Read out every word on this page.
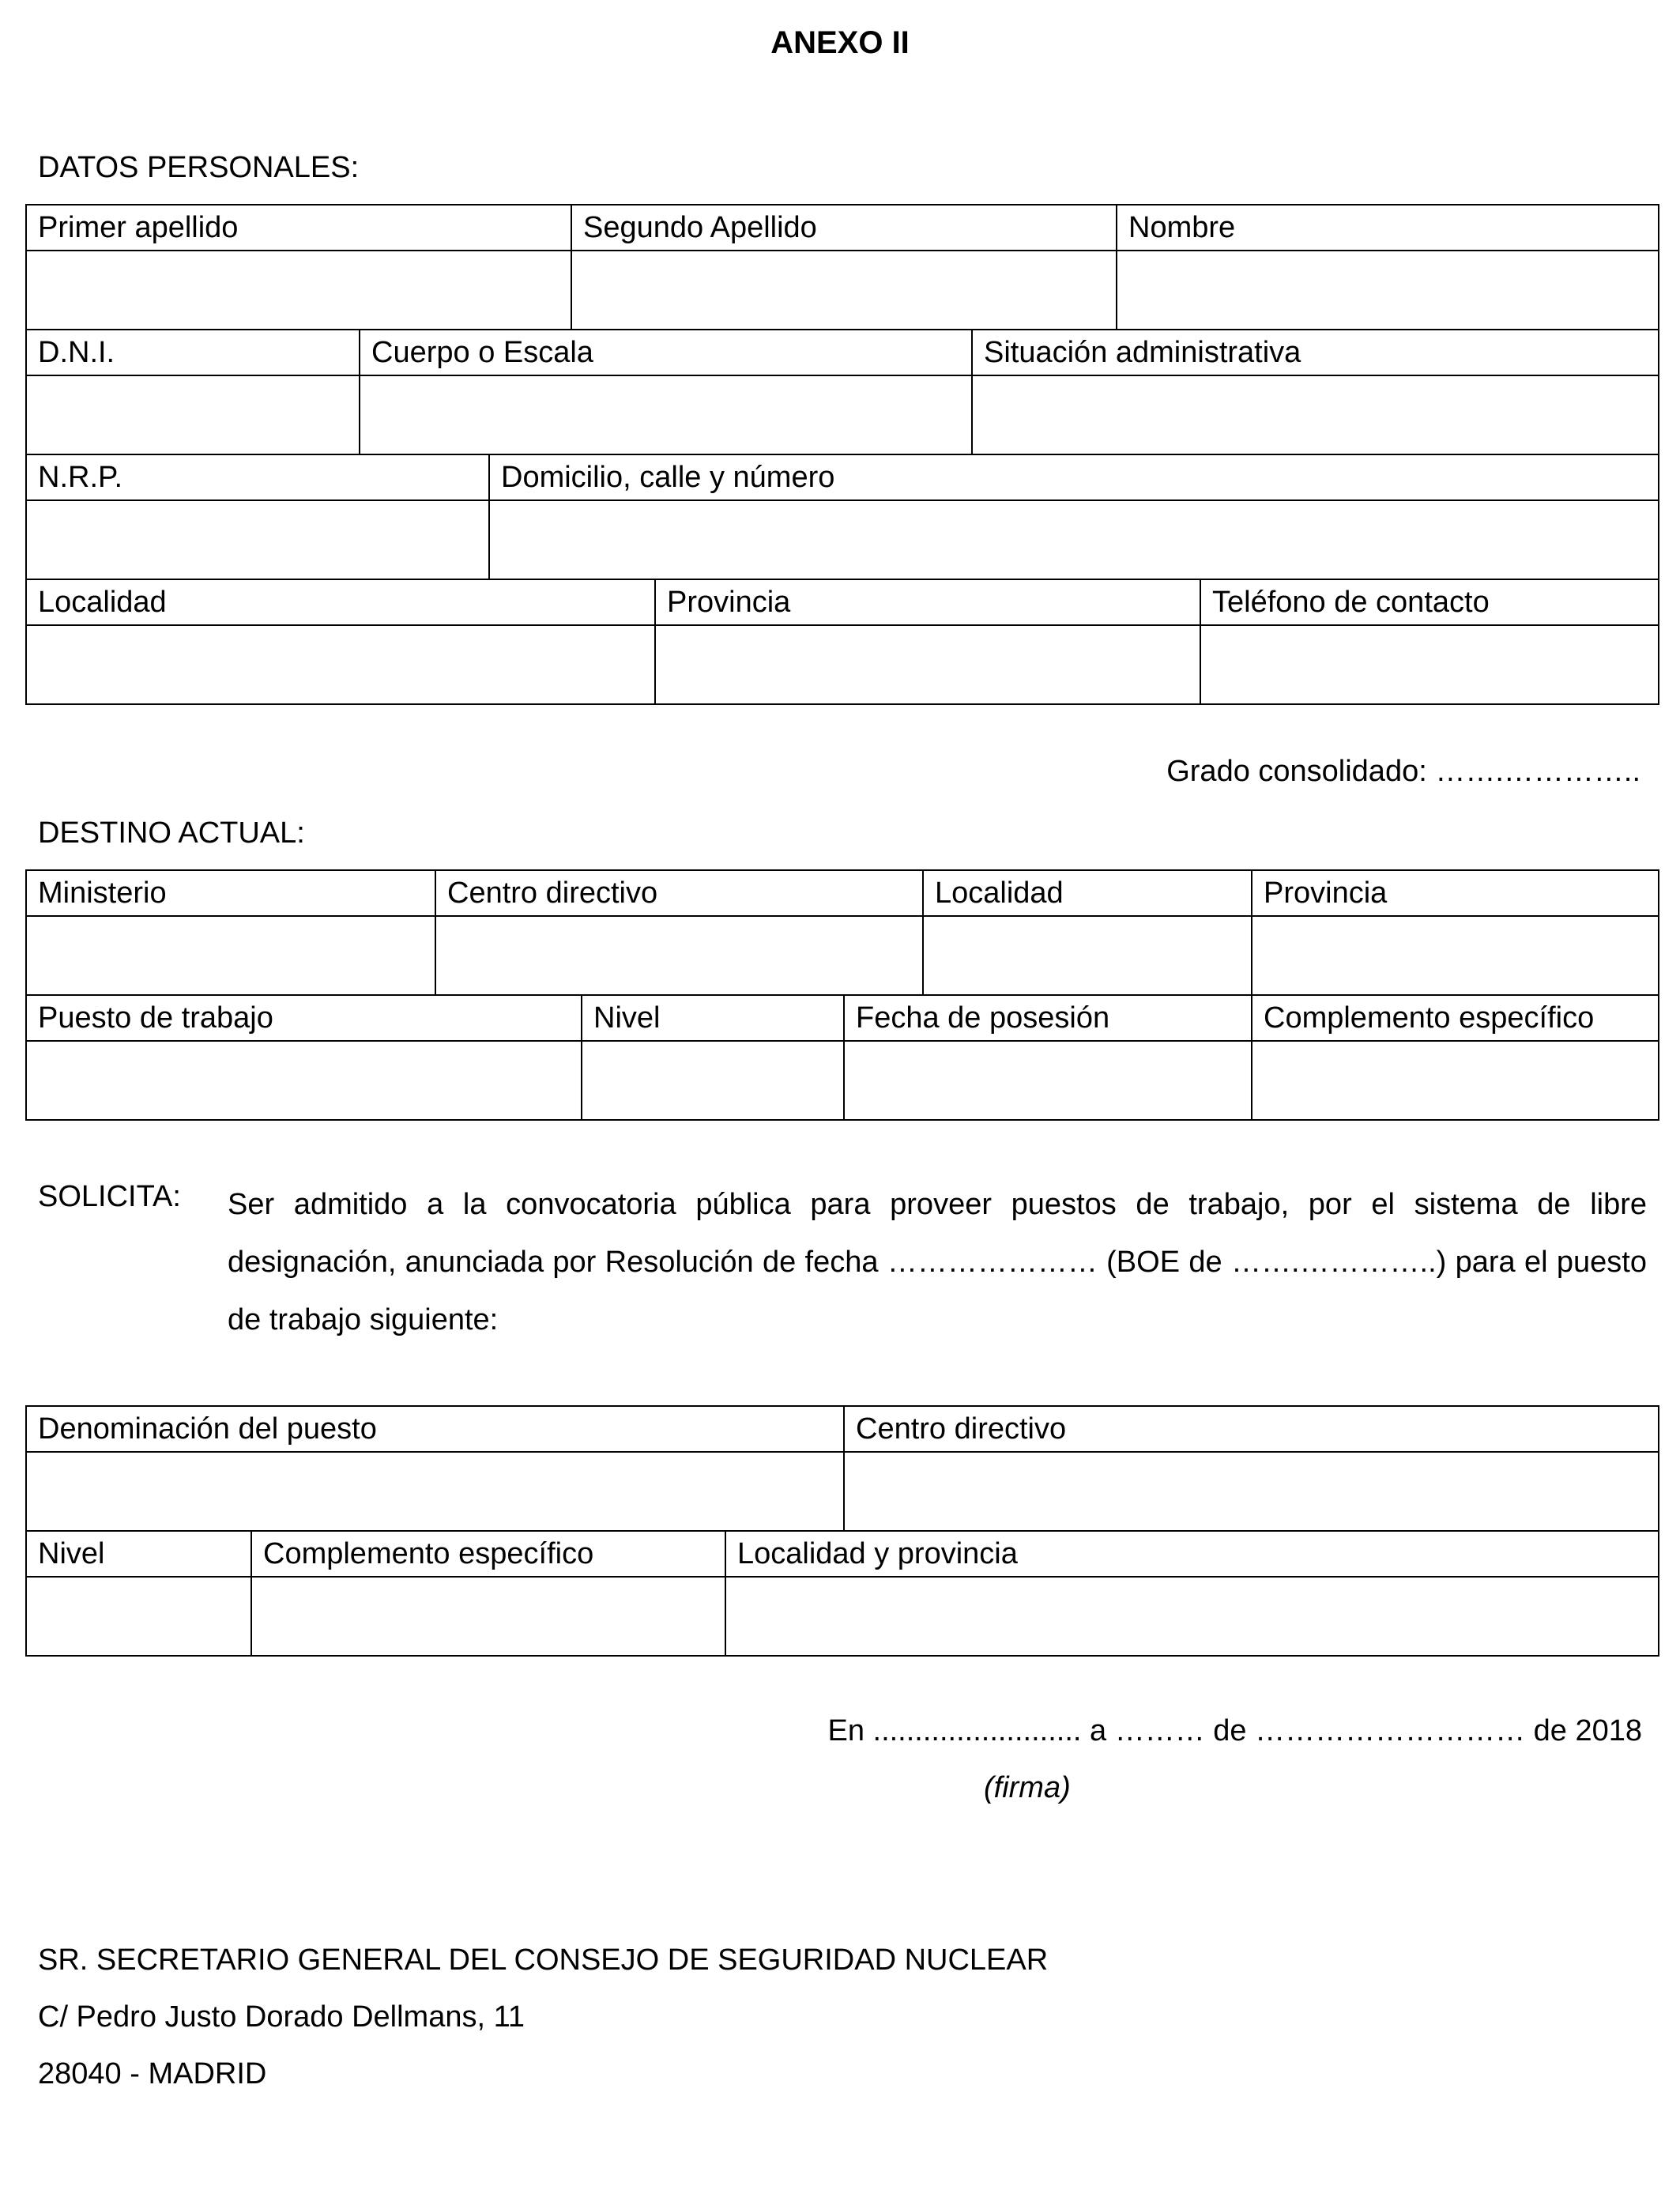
ANEXO II
DATOS PERSONALES:
Primer apellido	Segundo Apellido	Nombre
D.N.I.	Cuerpo o Escala	Situación administrativa
N.R.P.	Domicilio, calle y número
Localidad	Provincia	Teléfono de contacto
Grado consolidado: …….…………..
DESTINO ACTUAL:
Ministerio	Centro directivo	Localidad	Provincia
Puesto de trabajo	Nivel	Fecha de posesión	Complemento específico
SOLICITA: Ser admitido a la convocatoria pública para proveer puestos de trabajo, por el sistema de libre designación, anunciada por Resolución de fecha ………………… (BOE de …….…………..) para el puesto de trabajo siguiente:
Denominación del puesto	Centro directivo
Nivel	Complemento específico	Localidad y provincia
En ......................... a ……… de ……………………… de 2018
(firma)
SR. SECRETARIO GENERAL DEL CONSEJO DE SEGURIDAD NUCLEAR
C/ Pedro Justo Dorado Dellmans, 11
28040 - MADRID
